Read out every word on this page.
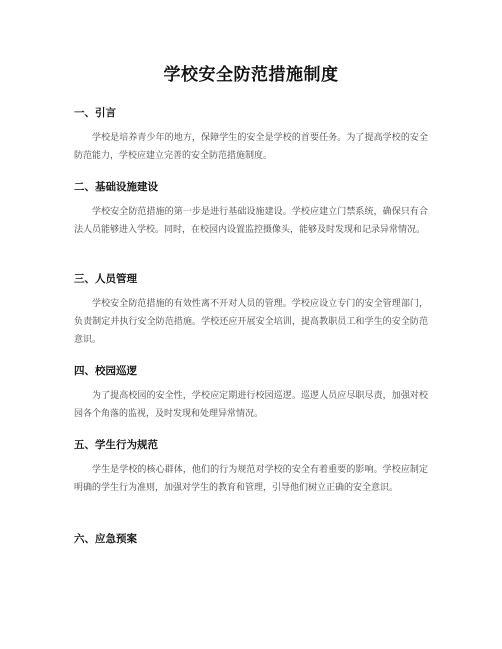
学校安全防范措施制度
一、引言

学校是培养青少年的地方，保障学生的安全是学校的首要任务。为了提高学校的安全防范能力，学校应建立完善的安全防范措施制度。

二、基础设施建设

学校安全防范措施的第一步是进行基础设施建设。学校应建立门禁系统，确保只有合法人员能够进入学校。同时，在校园内设置监控摄像头，能够及时发现和记录异常情况。

三、人员管理

学校安全防范措施的有效性离不开对人员的管理。学校应设立专门的安全管理部门，负责制定并执行安全防范措施。学校还应开展安全培训，提高教职员工和学生的安全防范意识。

四、校园巡逻

为了提高校园的安全性，学校应定期进行校园巡逻。巡逻人员应尽职尽责，加强对校园各个角落的监视，及时发现和处理异常情况。

五、学生行为规范

学生是学校的核心群体，他们的行为规范对学校的安全有着重要的影响。学校应制定明确的学生行为准则，加强对学生的教育和管理，引导他们树立正确的安全意识。

六、应急预案
